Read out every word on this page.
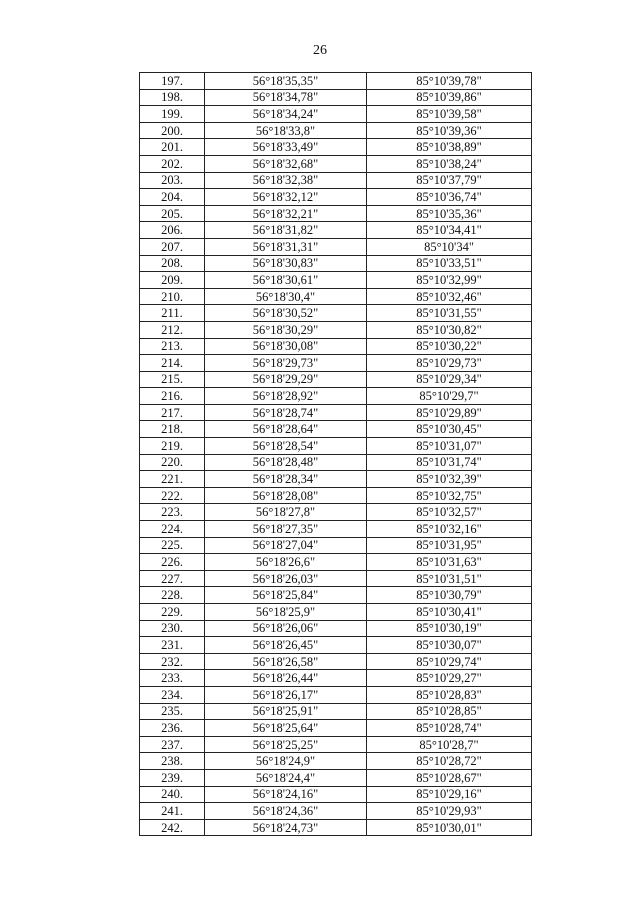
26
197.	56°18'35,35"	85°10'39,78"
198.	56°18'34,78"	85°10'39,86"
199.	56°18'34,24"	85°10'39,58"
200.	56°18'33,8"	85°10'39,36"
201.	56°18'33,49"	85°10'38,89"
202.	56°18'32,68"	85°10'38,24"
203.	56°18'32,38"	85°10'37,79"
204.	56°18'32,12"	85°10'36,74"
205.	56°18'32,21"	85°10'35,36"
206.	56°18'31,82"	85°10'34,41"
207.	56°18'31,31"	85°10'34"
208.	56°18'30,83"	85°10'33,51"
209.	56°18'30,61"	85°10'32,99"
210.	56°18'30,4"	85°10'32,46"
211.	56°18'30,52"	85°10'31,55"
212.	56°18'30,29"	85°10'30,82"
213.	56°18'30,08"	85°10'30,22"
214.	56°18'29,73"	85°10'29,73"
215.	56°18'29,29"	85°10'29,34"
216.	56°18'28,92"	85°10'29,7"
217.	56°18'28,74"	85°10'29,89"
218.	56°18'28,64"	85°10'30,45"
219.	56°18'28,54"	85°10'31,07"
220.	56°18'28,48"	85°10'31,74"
221.	56°18'28,34"	85°10'32,39"
222.	56°18'28,08"	85°10'32,75"
223.	56°18'27,8"	85°10'32,57"
224.	56°18'27,35"	85°10'32,16"
225.	56°18'27,04"	85°10'31,95"
226.	56°18'26,6"	85°10'31,63"
227.	56°18'26,03"	85°10'31,51"
228.	56°18'25,84"	85°10'30,79"
229.	56°18'25,9"	85°10'30,41"
230.	56°18'26,06"	85°10'30,19"
231.	56°18'26,45"	85°10'30,07"
232.	56°18'26,58"	85°10'29,74"
233.	56°18'26,44"	85°10'29,27"
234.	56°18'26,17"	85°10'28,83"
235.	56°18'25,91"	85°10'28,85"
236.	56°18'25,64"	85°10'28,74"
237.	56°18'25,25"	85°10'28,7"
238.	56°18'24,9"	85°10'28,72"
239.	56°18'24,4"	85°10'28,67"
240.	56°18'24,16"	85°10'29,16"
241.	56°18'24,36"	85°10'29,93"
242.	56°18'24,73"	85°10'30,01"
